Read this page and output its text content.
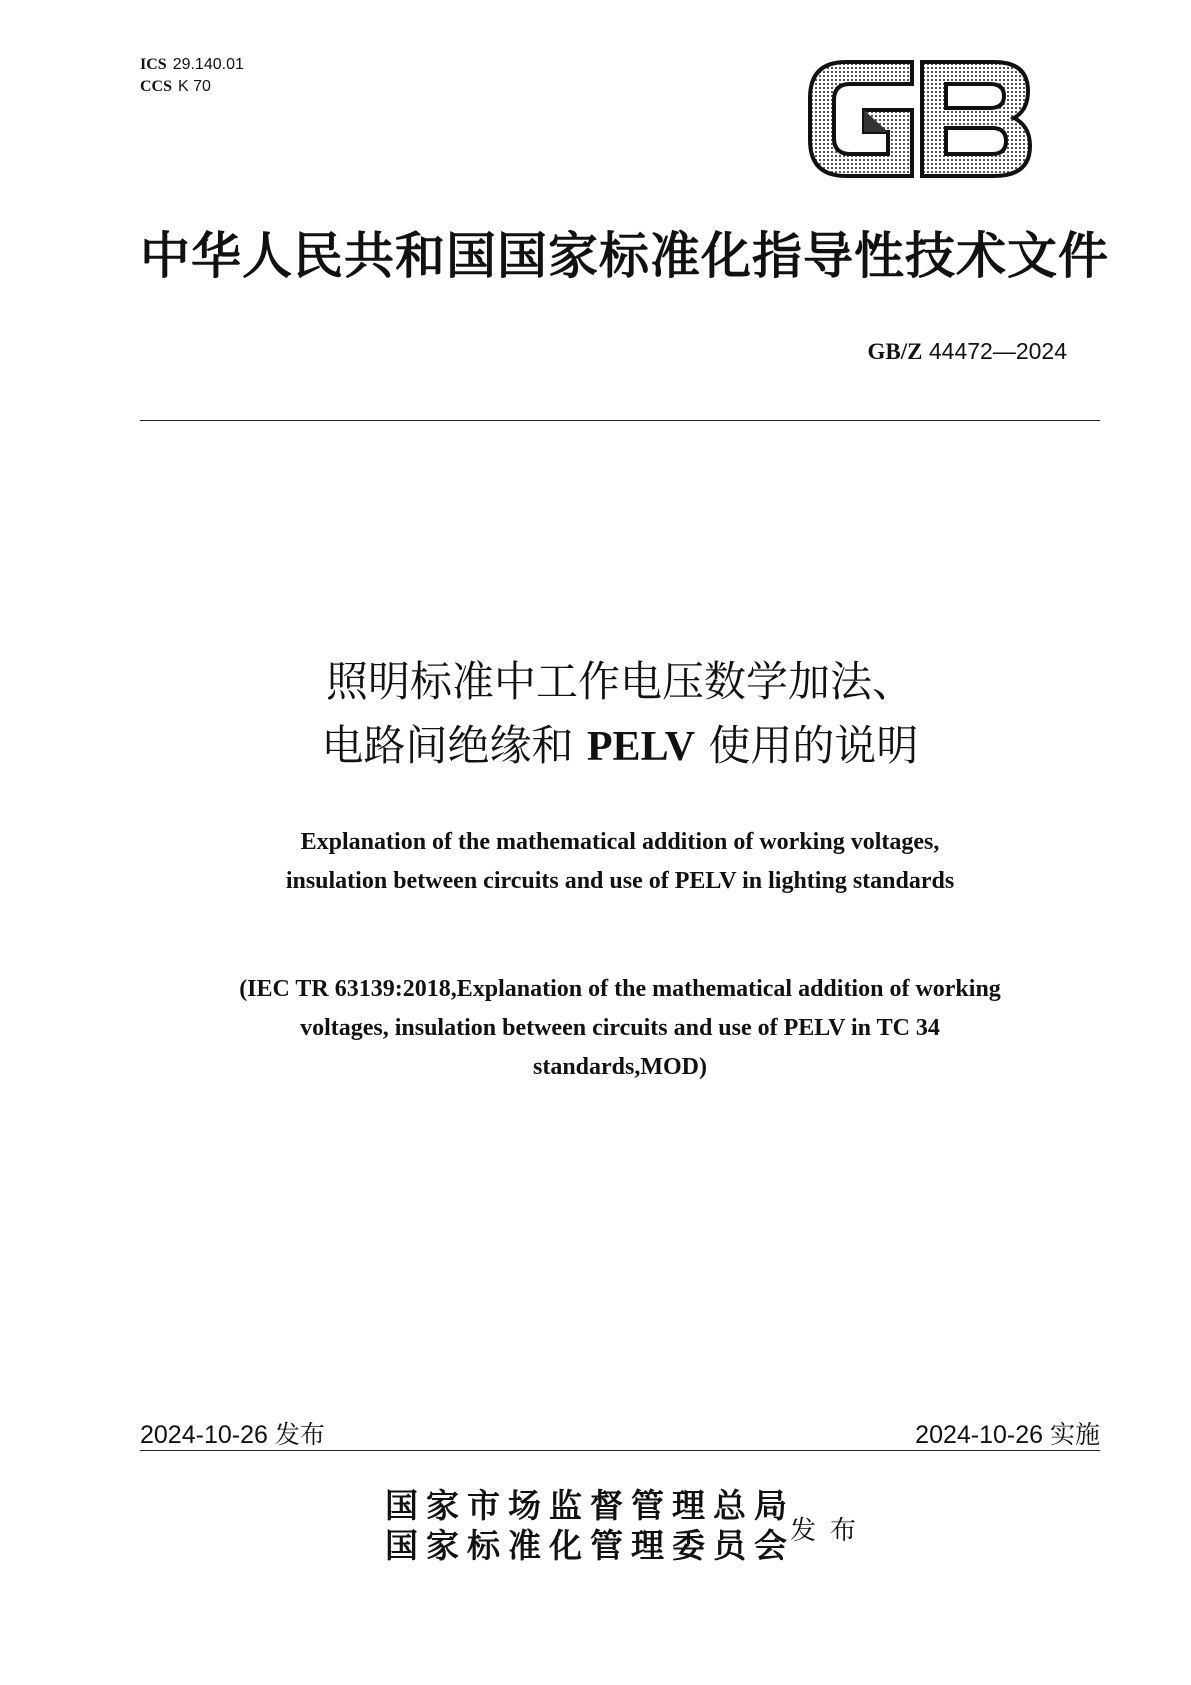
ICS 29.140.01
CCS K 70
中华人民共和国国家标准化指导性技术文件
GB/Z 44472—2024
照明标准中工作电压数学加法、
电路间绝缘和 PELV 使用的说明
Explanation of the mathematical addition of working voltages,
insulation between circuits and use of PELV in lighting standards
(IEC TR 63139:2018,Explanation of the mathematical addition of working
voltages, insulation between circuits and use of PELV in TC 34
standards,MOD)
2024-10-26 发布	2024-10-26 实施
国家市场监督管理总局
国家标准化管理委员会
发布
